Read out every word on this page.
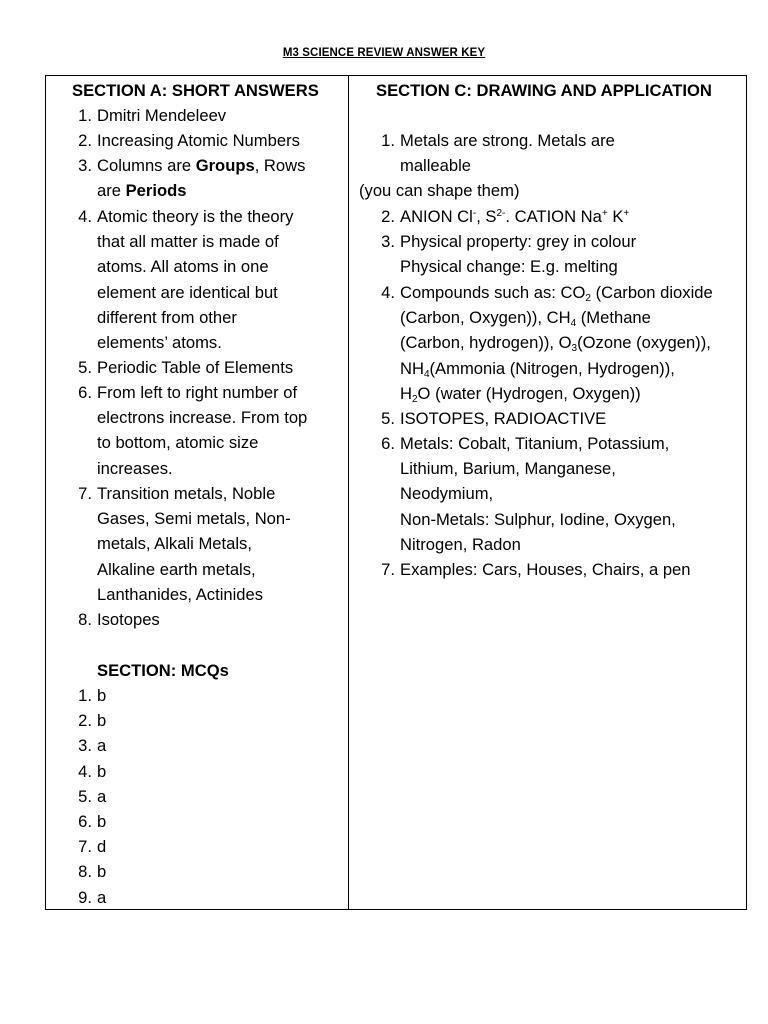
M3 SCIENCE REVIEW ANSWER KEY
SECTION A: SHORT ANSWERS
1. Dmitri Mendeleev
2. Increasing Atomic Numbers
3. Columns are Groups, Rows
are Periods
4. Atomic theory is the theory
that all matter is made of
atoms. All atoms in one
element are identical but
different from other
elements’ atoms.
5. Periodic Table of Elements
6. From left to right number of
electrons increase. From top
to bottom, atomic size
increases.
7. Transition metals, Noble
Gases, Semi metals, Non-
metals, Alkali Metals,
Alkaline earth metals,
Lanthanides, Actinides
8. Isotopes
SECTION: MCQs
1. b
2. b
3. a
4. b
5. a
6. b
7. d
8. b
9. a
SECTION C: DRAWING AND APPLICATION
1. Metals are strong. Metals are
malleable
(you can shape them)
2. ANION Cl-, $S^{2-}$. CATION Na+ K+
3. Physical property: grey in colour
Physical change: E.g. melting
4. Compounds such as: $CO_2$ (Carbon dioxide
(Carbon, Oxygen)), $CH_4$ (Methane
(Carbon, hydrogen)), $O_3(Ozone$ (oxygen)),
$NH_4(Ammonia$ (Nitrogen, Hydrogen)),
$H_2O$ (water (Hydrogen, Oxygen))
5. ISOTOPES, RADIOACTIVE
6. Metals: Cobalt, Titanium, Potassium,
Lithium, Barium, Manganese,
Neodymium,
Non-Metals: Sulphur, Iodine, Oxygen,
Nitrogen, Radon
7. Examples: Cars, Houses, Chairs, a pen
